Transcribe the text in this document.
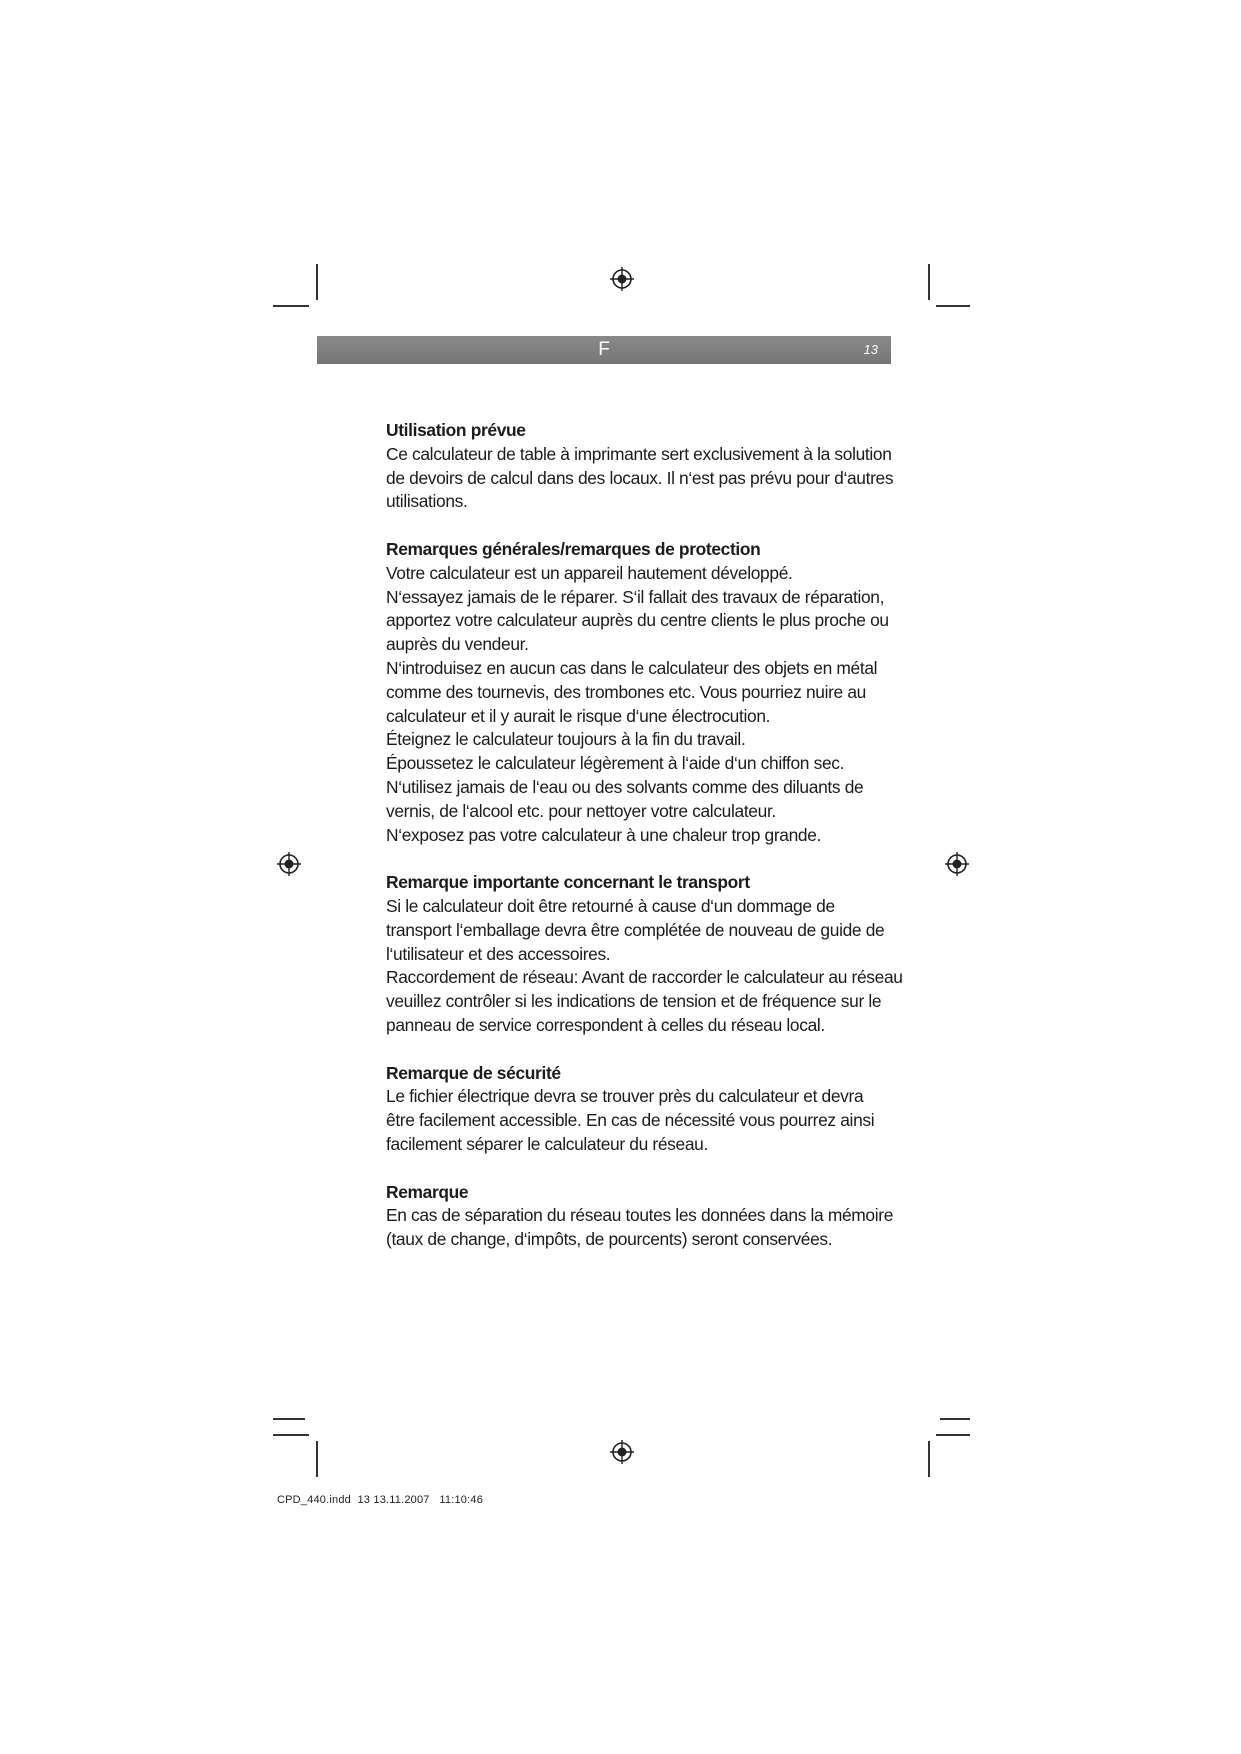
F	13
Utilisation prévue

Ce calculateur de table à imprimante sert exclusivement à la solution

de devoirs de calcul dans des locaux. Il n‘est pas prévu pour d‘autres

utilisations.

Remarques générales/remarques de protection

Votre calculateur est un appareil hautement développé.

N‘essayez jamais de le réparer. S‘il fallait des travaux de réparation,

apportez votre calculateur auprès du centre clients le plus proche ou

auprès du vendeur.

N‘introduisez en aucun cas dans le calculateur des objets en métal

comme des tournevis, des trombones etc. Vous pourriez nuire au

calculateur et il y aurait le risque d‘une électrocution.

Éteignez le calculateur toujours à la fin du travail.

Époussetez le calculateur légèrement à l‘aide d‘un chiffon sec.

N‘utilisez jamais de l‘eau ou des solvants comme des diluants de

vernis, de l‘alcool etc. pour nettoyer votre calculateur.

N‘exposez pas votre calculateur à une chaleur trop grande.

Remarque importante concernant le transport

Si le calculateur doit être retourné à cause d‘un dommage de

transport l‘emballage devra être complétée de nouveau de guide de

l‘utilisateur et des accessoires.

Raccordement de réseau: Avant de raccorder le calculateur au réseau

veuillez contrôler si les indications de tension et de fréquence sur le

panneau de service correspondent à celles du réseau local.

Remarque de sécurité

Le fichier électrique devra se trouver près du calculateur et devra

être facilement accessible. En cas de nécessité vous pourrez ainsi

facilement séparer le calculateur du réseau.

Remarque

En cas de séparation du réseau toutes les données dans la mémoire

(taux de change, d‘impôts, de pourcents) seront conservées.

CPD_440.indd 13 13.11.2007 11:10:46
